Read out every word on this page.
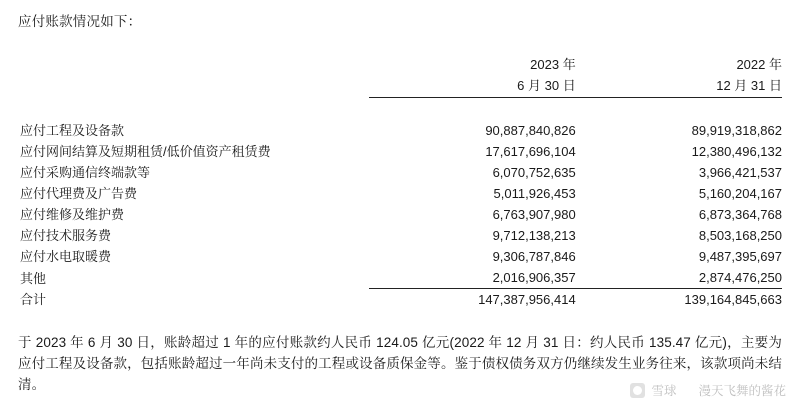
应付账款情况如下：

	2023 年	2022 年
	6 月 30 日	12 月 31 日

应付工程及设备款	90,887,840,826	89,919,318,862
应付网间结算及短期租赁/低价值资产租赁费	17,617,696,104	12,380,496,132
应付采购通信终端款等	6,070,752,635	3,966,421,537
应付代理费及广告费	5,011,926,453	5,160,204,167
应付维修及维护费	6,763,907,980	6,873,364,768
应付技术服务费	9,712,138,213	8,503,168,250
应付水电取暖费	9,306,787,846	9,487,395,697
其他	2,016,906,357	2,874,476,250
合计	147,387,956,414	139,164,845,663

于 2023 年 6 月 30 日，账龄超过 1 年的应付账款约人民币 124.05 亿元(2022 年 12 月 31 日：约人民币 135.47 亿元)，主要为应付工程及设备款，包括账龄超过一年尚未支付的工程或设备质保金等。鉴于债权债务双方仍继续发生业务往来，该款项尚未结清。	雪球 漫天飞舞的酱花
